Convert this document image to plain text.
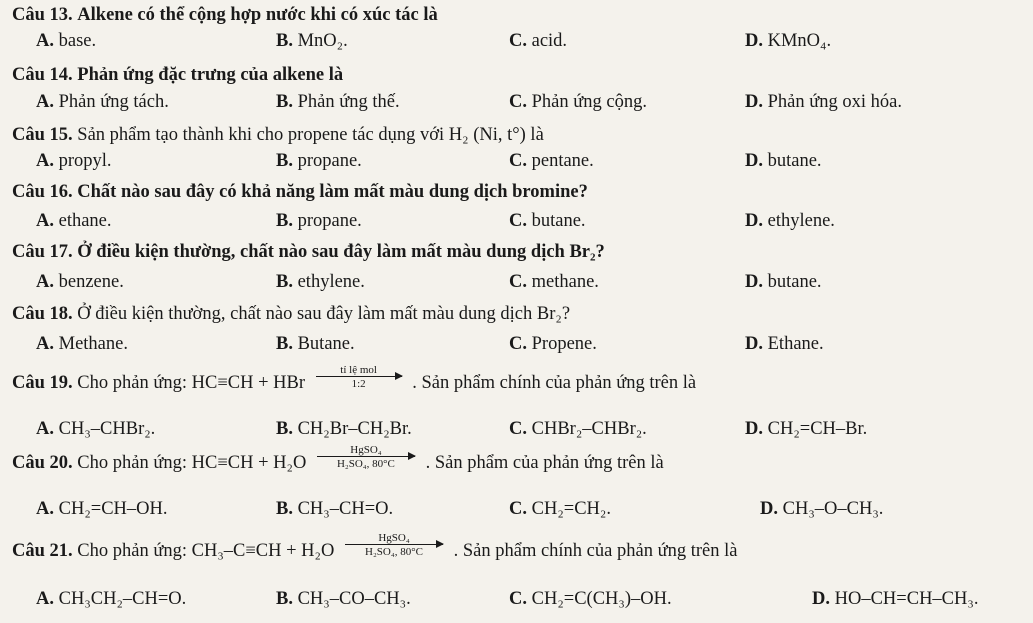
Câu 13. Alkene có thể cộng hợp nước khi có xúc tác là
A. base.	B. MnO₂.	C. acid.	D. KMnO₄.
Câu 14. Phản ứng đặc trưng của alkene là
A. Phản ứng tách.	B. Phản ứng thế.	C. Phản ứng cộng.	D. Phản ứng oxi hóa.
Câu 15. Sản phẩm tạo thành khi cho propene tác dụng với H₂ (Ni, t°) là
A. propyl.	B. propane.	C. pentane.	D. butane.
Câu 16. Chất nào sau đây có khả năng làm mất màu dung dịch bromine?
A. ethane.	B. propane.	C. butane.	D. ethylene.
Câu 17. Ở điều kiện thường, chất nào sau đây làm mất màu dung dịch Br₂?
A. benzene.	B. ethylene.	C. methane.	D. butane.
Câu 18. Ở điều kiện thường, chất nào sau đây làm mất màu dung dịch Br₂?
A. Methane.	B. Butane.	C. Propene.	D. Ethane.
Câu 19. Cho phản ứng: HC≡CH + HBr
tỉ lệ mol
1:2	. Sản phẩm chính của phản ứng trên là
A. CH₃–CHBr₂.	B. CH₂Br–CH₂Br.	C. CHBr₂–CHBr₂.	D. CH₂=CH–Br.
Câu 20. Cho phản ứng: HC≡CH + H₂O
HgSO₄
H₂SO₄, 80°C	. Sản phẩm của phản ứng trên là
A. CH₂=CH–OH.	B. CH₃–CH=O.	C. CH₂=CH₂.	D. CH₃–O–CH₃.
Câu 21. Cho phản ứng: CH₃–C≡CH + H₂O
HgSO₄
H₂SO₄, 80°C	. Sản phẩm chính của phản ứng trên là
A. CH₃CH₂–CH=O.	B. CH₃–CO–CH₃.	C. CH₂=C(CH₃)–OH.	D. HO–CH=CH–CH₃.
